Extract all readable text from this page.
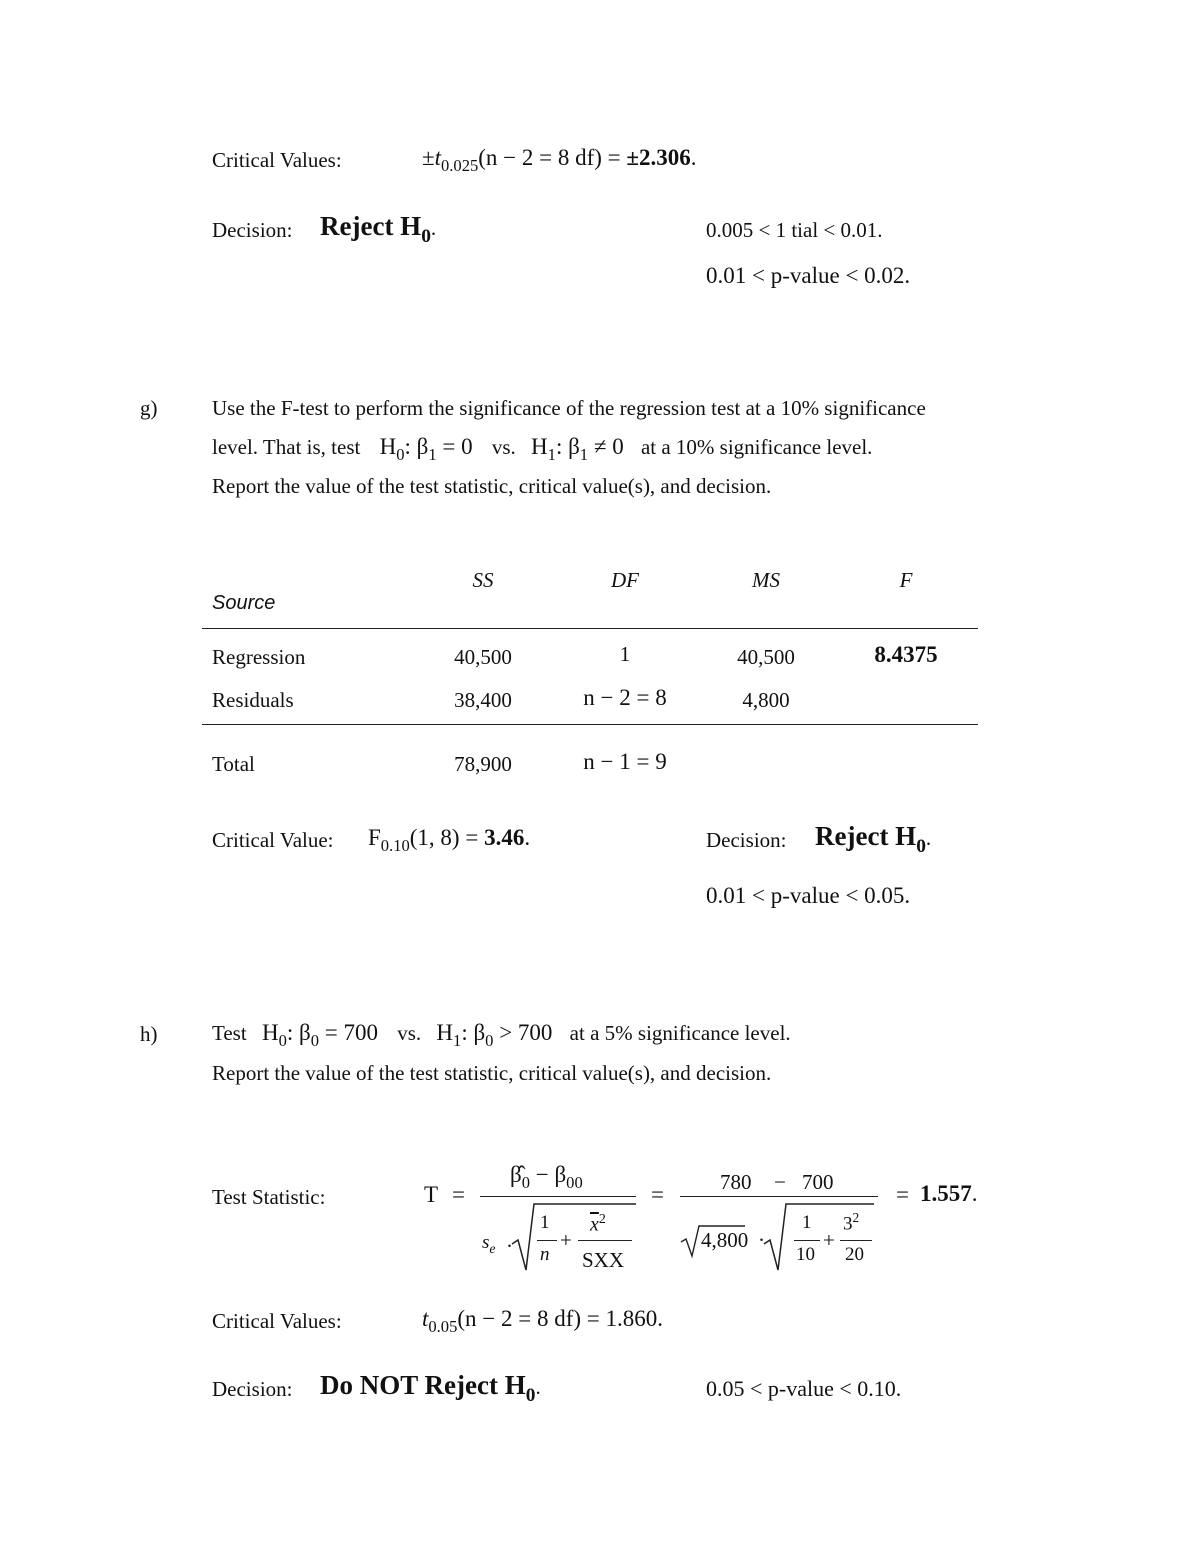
Critical Values:	$\pm t_{0.025}(n - 2 = 8$ df) = ±2.306.
Decision: Reject $H_0$.	0.005 < 1 tial < 0.01.
0.01 < p-value < 0.02.
g)	Use the F-test to perform the significance of the regression test at a 10% significance
level. That is, test $H_0$: $\beta_1 = 0$ vs. $H_1$: $\beta_1 \ne 0$ at a 10% significance level.
Report the value of the test statistic, critical value(s), and decision.
SS	DF	MS	F
Source
Regression	40,500	1	40,500	8.4375
Residuals	38,400	n − 2 = 8	4,800
Total	78,900	n − 1 = 9
Critical Value: $F_{0.10}(1$, 8) = 3.46.	Decision: Reject $H_0$.
0.01 < p-value < 0.05.
h)	Test $H_0$: $\beta_0 = 700$ vs. $H_1$: $\beta_0 > 700$ at a 5% significance level.
Report the value of the test statistic, critical value(s), and decision.
Test Statistic:	T =
$\betâ_0 - \beta_{00}$
$s_e$ ·
1
n
+
$\overline{x}^2$
SXX
=	780 − 700
4,800 ·
1
10
+
$3^2$
20
= 1.557.
Critical Values:	$t_{0.05}(n - 2 = 8$ df) = 1.860.
Decision: Do NOT Reject $H_0$.	0.05 < p-value < 0.10.
